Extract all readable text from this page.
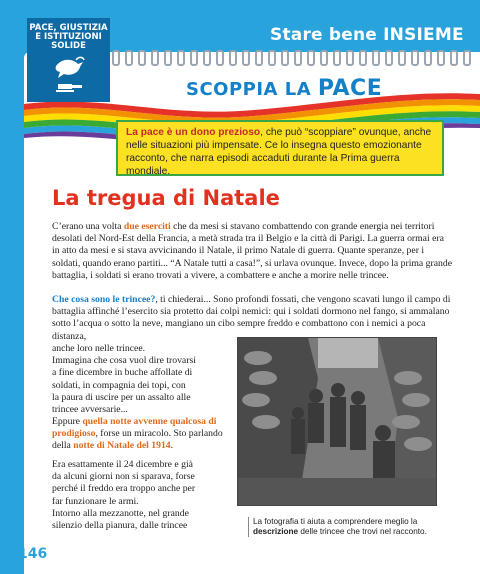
PACE, GIUSTIZIA E ISTITUZIONI SOLIDE
Stare bene INSIEME
SCOPPIA LA PACE
La pace è un dono prezioso, che può “scoppiare” ovunque, anche nelle situazioni più impensate. Ce lo insegna questo emozionante racconto, che narra episodi accaduti durante la Prima guerra mondiale.
La tregua di Natale

C’erano una volta due eserciti che da mesi si stavano combattendo con grande energia nei territori desolati del Nord-Est della Francia, a metà strada tra il Belgio e la città di Parigi. La guerra ormai era in atto da mesi e si stava avvicinando il Natale, il primo Natale di guerra. Quante speranze, per i soldati, quando erano partiti... “A Natale tutti a casa!”, si urlava ovunque. Invece, dopo la prima grande battaglia, i soldati si erano trovati a vivere, a combattere e anche a morire nelle trincee.

Che cosa sono le trincee?, ti chiederai... Sono profondi fossati, che vengono scavati lungo il campo di battaglia affinché l’esercito sia protetto dai colpi nemici: qui i soldati dormono nel fango, si ammalano sotto l’acqua o sotto la neve, mangiano un cibo sempre freddo e combattono con i nemici a poca distanza,

anche loro nelle trincee.
Immagina che cosa vuol dire trovarsi
a fine dicembre in buche affollate di
soldati, in compagnia dei topi, con
la paura di uscire per un assalto alle
trincee avversarie...

Eppure quella notte avvenne qualcosa di prodigioso, forse un miracolo. Sto parlando della notte di Natale del 1914.

Era esattamente il 24 dicembre e già
da alcuni giorni non si sparava, forse
perché il freddo era troppo anche per
far funzionare le armi.
Intorno alla mezzanotte, nel grande
silenzio della pianura, dalle trincee	La fotografia ti aiuta a comprendere meglio la descrizione delle trincee che trovi nel racconto.
146
